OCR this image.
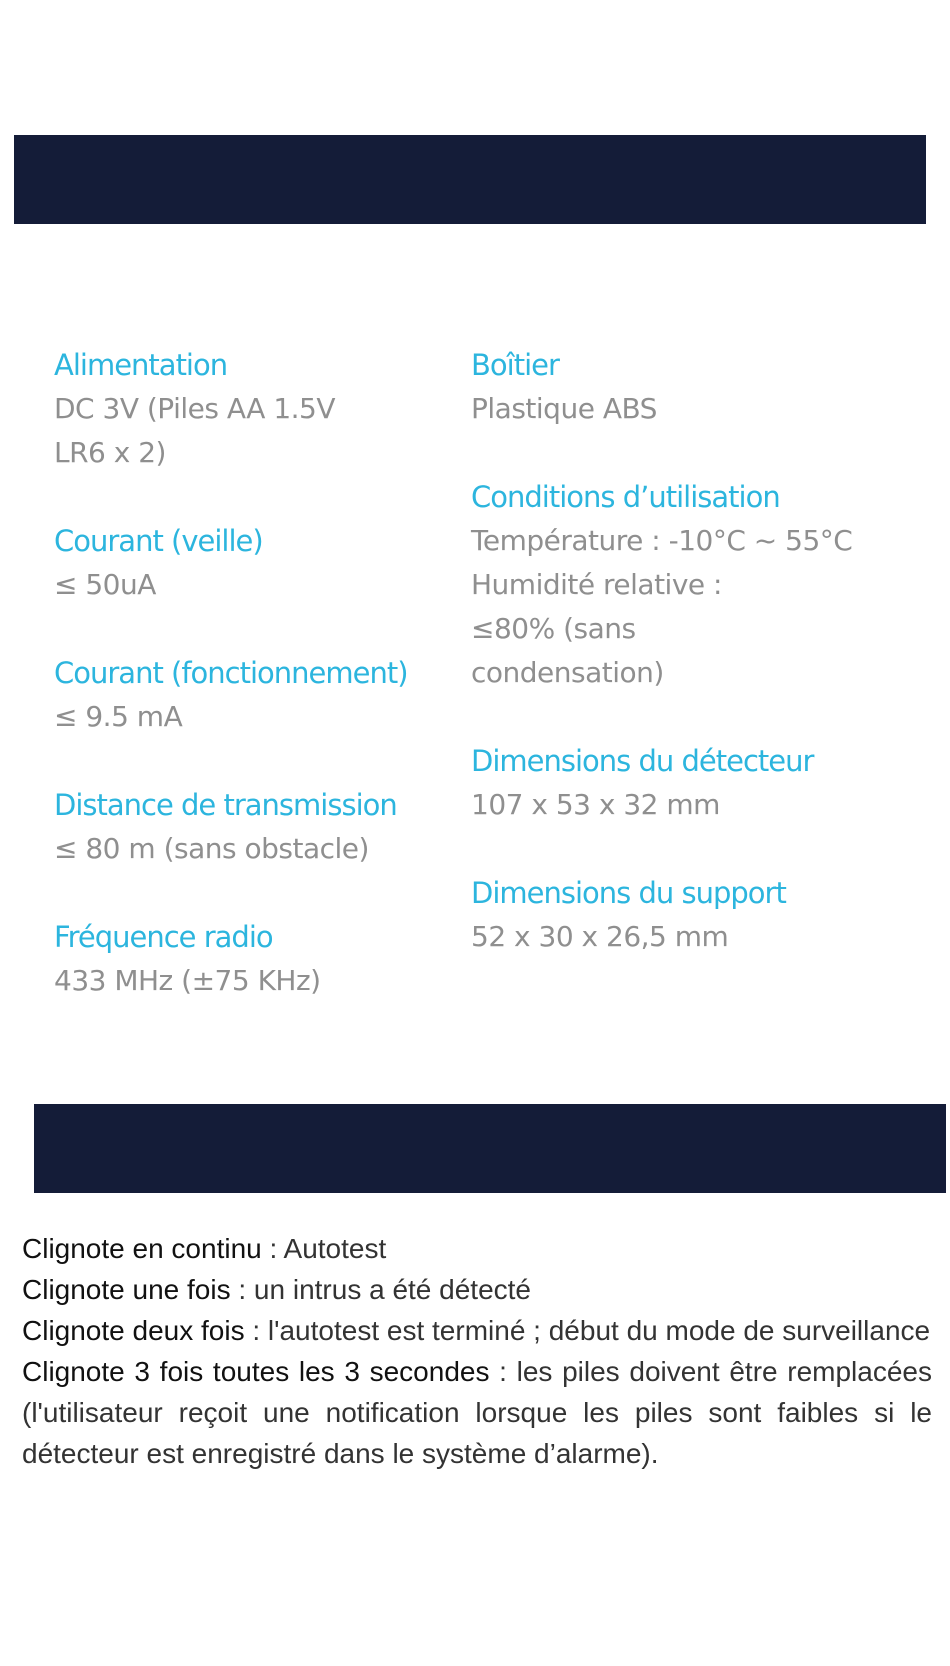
Alimentation
DC 3V (Piles AA 1.5V
LR6 x 2)
Courant (veille)
≤ 50uA
Courant (fonctionnement)
≤ 9.5 mA
Distance de transmission
≤ 80 m (sans obstacle)
Fréquence radio
433 MHz (±75 KHz)
Boîtier
Plastique ABS
Conditions d’utilisation
Température : -10°C ~ 55°C
Humidité relative :
≤80% (sans
condensation)
Dimensions du détecteur
107 x 53 x 32 mm
Dimensions du support
52 x 30 x 26,5 mm

Clignote en continu : Autotest

Clignote une fois : un intrus a été détecté

Clignote deux fois : l'autotest est terminé ; début du mode de surveillance

Clignote 3 fois toutes les 3 secondes : les piles doivent être remplacées (l'utilisateur reçoit une notification lorsque les piles sont faibles si le détecteur est enregistré dans le système d’alarme).
